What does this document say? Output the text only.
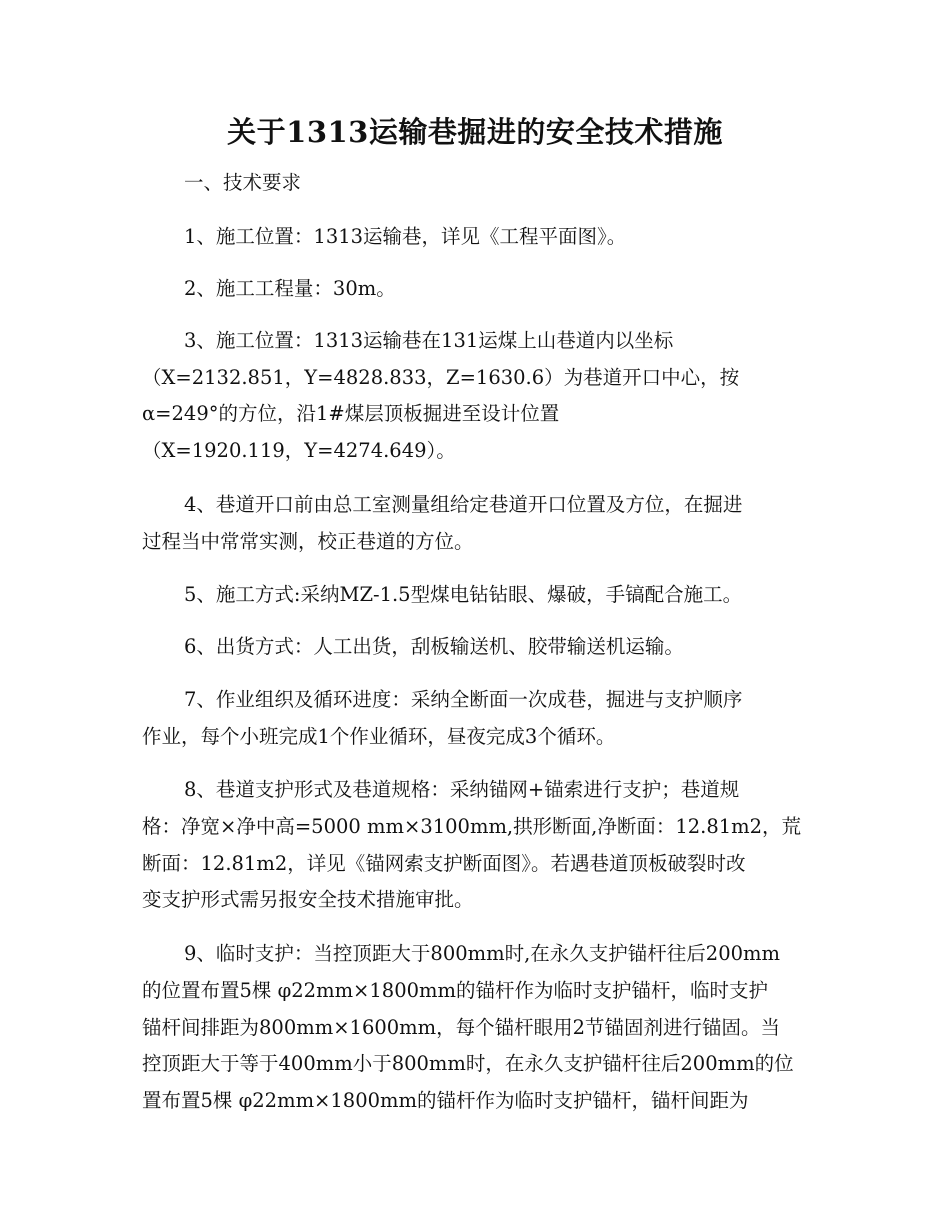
关于1313运输巷掘进的安全技术措施
一、技术要求
1、施工位置：1313运输巷，详见《工程平面图》。
2、施工工程量：30m。
3、施工位置：1313运输巷在131运煤上山巷道内以坐标
（X=2132.851，Y=4828.833，Z=1630.6）为巷道开口中心，按
α=249°的方位，沿1#煤层顶板掘进至设计位置
（X=1920.119，Y=4274.649）。
4、巷道开口前由总工室测量组给定巷道开口位置及方位，在掘进
过程当中常常实测，校正巷道的方位。
5、施工方式:采纳MZ-1.5型煤电钻钻眼、爆破，手镐配合施工。
6、出货方式：人工出货，刮板输送机、胶带输送机运输。
7、作业组织及循环进度：采纳全断面一次成巷，掘进与支护顺序
作业，每个小班完成1个作业循环，昼夜完成3个循环。
8、巷道支护形式及巷道规格：采纳锚网+锚索进行支护；巷道规
格：净宽×净中高=5000 mm×3100mm,拱形断面,净断面：12.81m2，荒
断面：12.81m2，详见《锚网索支护断面图》。若遇巷道顶板破裂时改
变支护形式需另报安全技术措施审批。
9、临时支护：当控顶距大于800mm时,在永久支护锚杆往后200mm
的位置布置5棵 φ22mm×1800mm的锚杆作为临时支护锚杆，临时支护
锚杆间排距为800mm×1600mm，每个锚杆眼用2节锚固剂进行锚固。当
控顶距大于等于400mm小于800mm时，在永久支护锚杆往后200mm的位
置布置5棵 φ22mm×1800mm的锚杆作为临时支护锚杆，锚杆间距为
